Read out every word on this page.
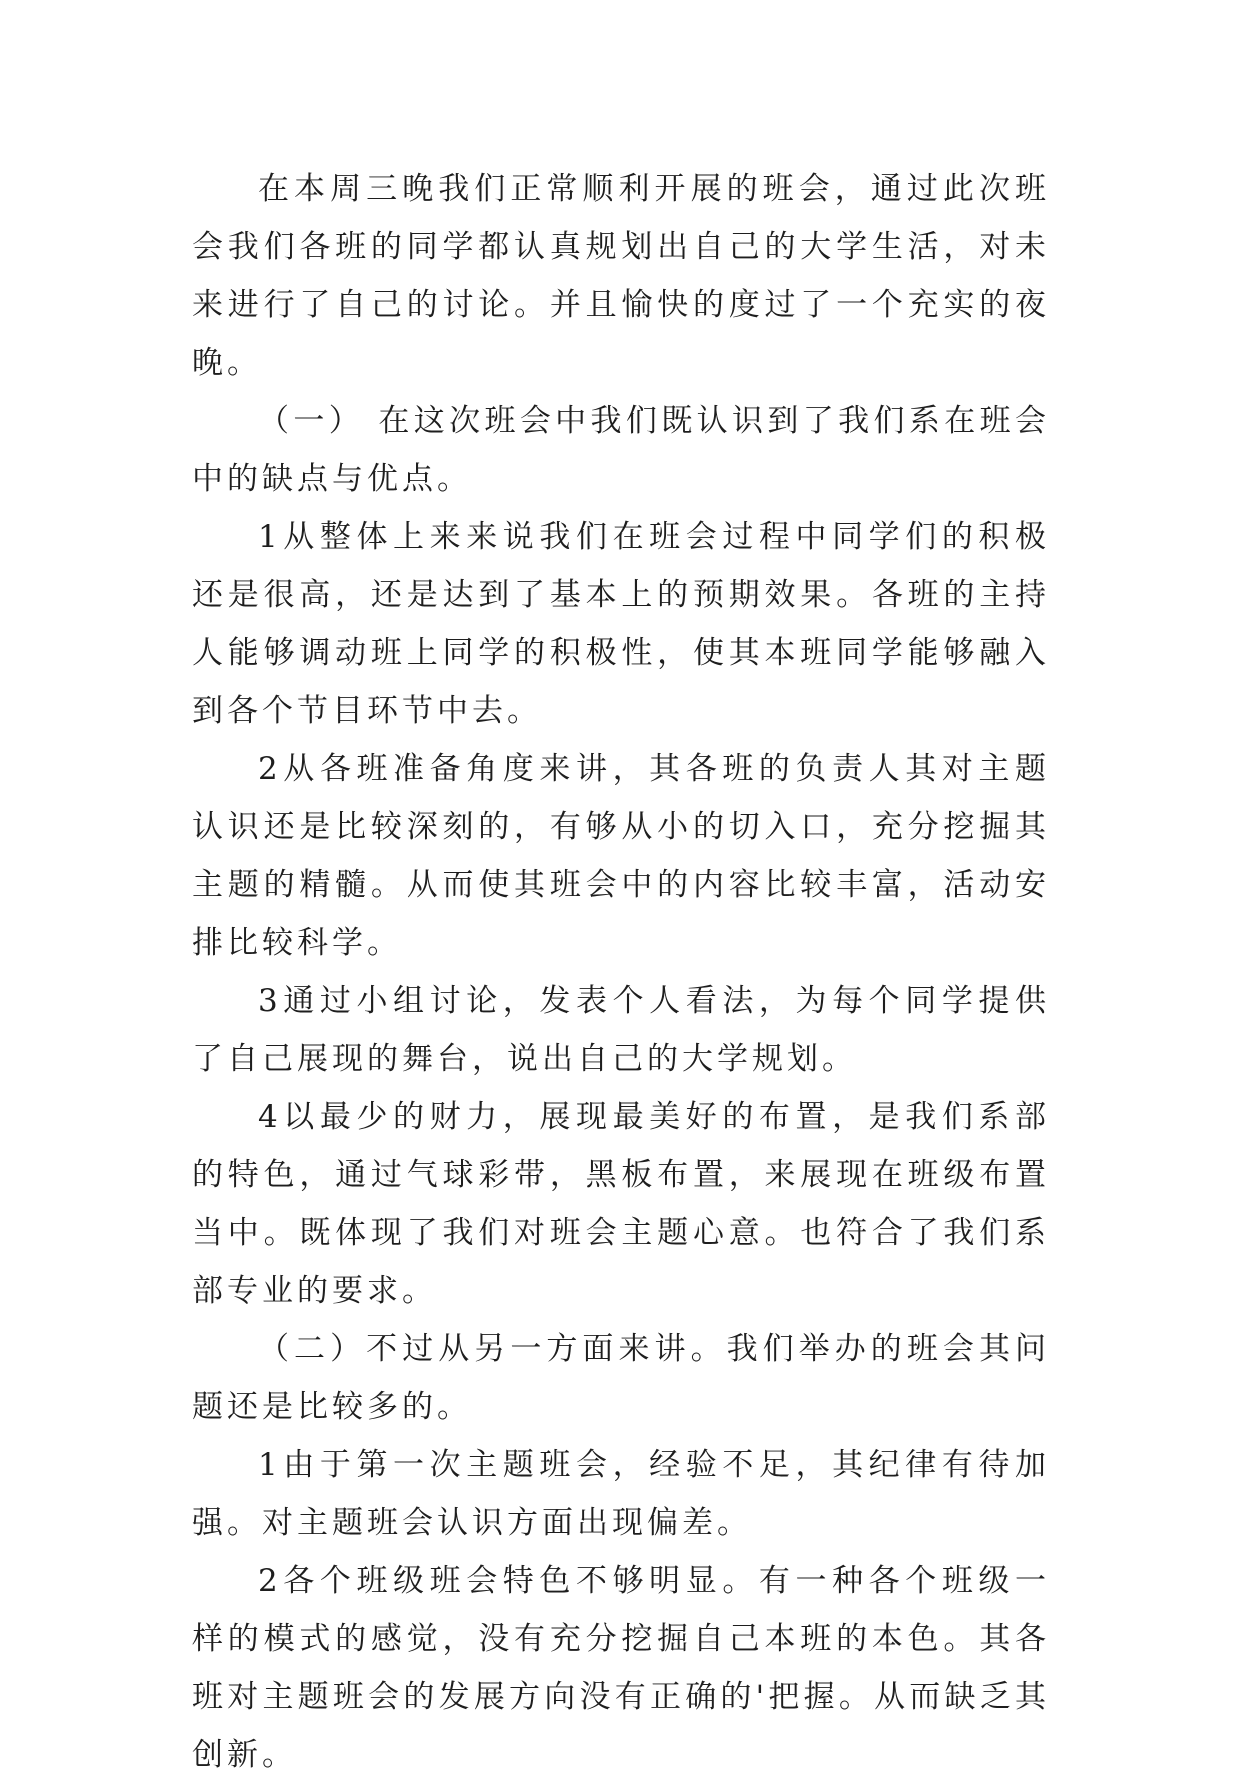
在本周三晚我们正常顺利开展的班会，通过此次班会我们各班的同学都认真规划出自己的大学生活，对未来进行了自己的讨论。并且愉快的度过了一个充实的夜晚。

（一） 在这次班会中我们既认识到了我们系在班会中的缺点与优点。

1从整体上来来说我们在班会过程中同学们的积极还是很高，还是达到了基本上的预期效果。各班的主持人能够调动班上同学的积极性，使其本班同学能够融入到各个节目环节中去。

2从各班准备角度来讲，其各班的负责人其对主题认识还是比较深刻的，有够从小的切入口，充分挖掘其主题的精髓。从而使其班会中的内容比较丰富，活动安排比较科学。

3通过小组讨论，发表个人看法，为每个同学提供了自己展现的舞台，说出自己的大学规划。

4以最少的财力，展现最美好的布置，是我们系部的特色，通过气球彩带，黑板布置，来展现在班级布置当中。既体现了我们对班会主题心意。也符合了我们系部专业的要求。

（二）不过从另一方面来讲。我们举办的班会其问题还是比较多的。

1由于第一次主题班会，经验不足，其纪律有待加强。对主题班会认识方面出现偏差。

2各个班级班会特色不够明显。有一种各个班级一样的模式的感觉，没有充分挖掘自己本班的本色。其各班对主题班会的发展方向没有正确的'把握。从而缺乏其创新。
